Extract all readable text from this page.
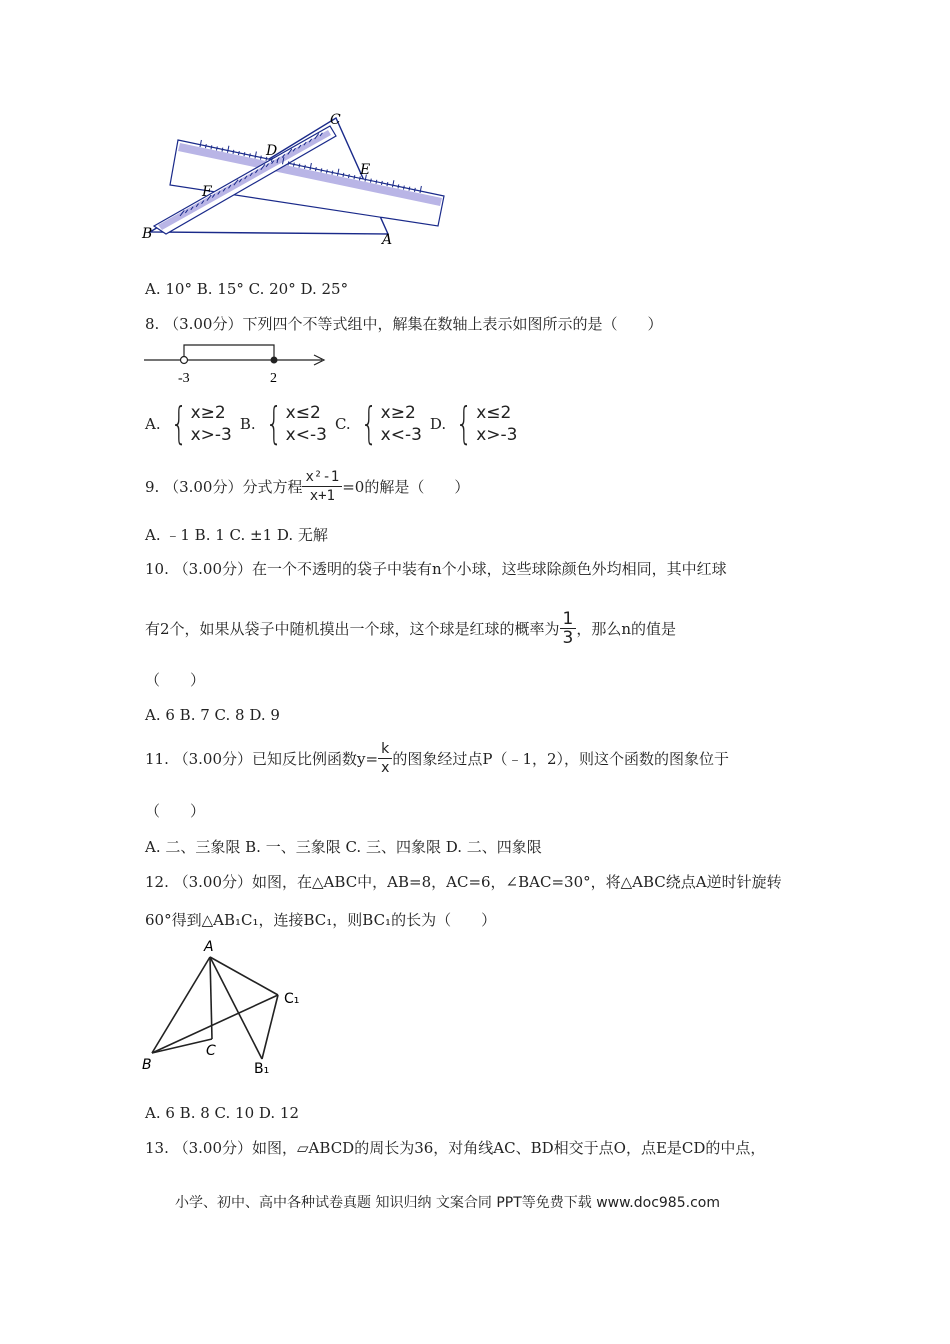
C
D
E
F
B	A
A. 10° B. 15° C. 20° D. 25°
8. （3.00分）下列四个不等式组中，解集在数轴上表示如图所示的是（　　）
-3	2
A. { x≥2
x>-3
B. { x≤2
x<-3
C. { x≥2
x<-3
D. { x≤2
x>-3
9. （3.00分）分式方程 $\frac{\text{x²-1}}{x+1} =0$的解是（　　）
A. ﹣1 B. 1 C. ±1 D. 无解
10. （3.00分）在一个不透明的袋子中装有n个小球，这些球除颜色外均相同，其中红球
有2个，如果从袋子中随机摸出一个球，这个球是红球的概率为 $\frac{1}{3}$ ，那么n的值是
（　　）
A. 6 B. 7 C. 8 D. 9
11. （3.00分）已知反比例函数$y= \frac{k}{x}$ 的图象经过点P（﹣1，2），则这个函数的图象位于
（　　）
A. 二、三象限 B. 一、三象限 C. 三、四象限 D. 二、四象限
12. （3.00分）如图，在△ABC中，AB=8，AC=6，∠BAC=30°，将△ABC绕点A逆时针旋转
60°得到△AB₁C₁，连接BC₁，则BC₁的长为（　　）
A
C₁
B
C
B₁
A. 6 B. 8 C. 10 D. 12
13. （3.00分）如图，▱ABCD的周长为36，对角线AC、BD相交于点O，点E是CD的中点，
小学、初中、高中各种试卷真题 知识归纳 文案合同 PPT等免费下载 www.doc985.com
